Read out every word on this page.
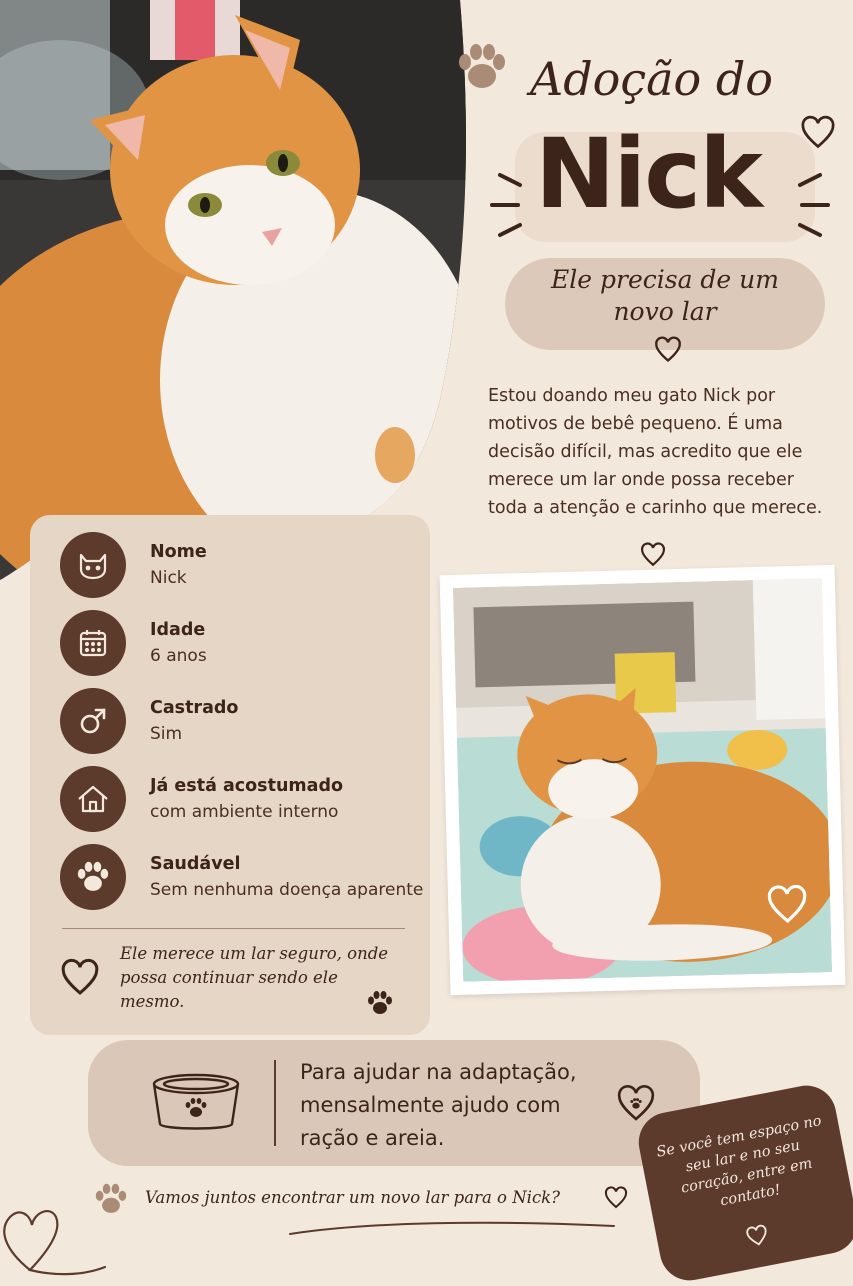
Adoção do
Nick
Ele precisa de um novo lar
Estou doando meu gato Nick por motivos de bebê pequeno. É uma decisão difícil, mas acredito que ele merece um lar onde possa receber toda a atenção e carinho que merece.
Nome
Nick
Idade
6 anos
Castrado
Sim
Já está acostumado
com ambiente interno
Saudável
Sem nenhuma doença aparente
Ele merece um lar seguro, onde possa continuar sendo ele mesmo.
Para ajudar na adaptação, mensalmente ajudo com ração e areia.
Vamos juntos encontrar um novo lar para o Nick?
Se você tem espaço no seu lar e no seu coração, entre em contato!
